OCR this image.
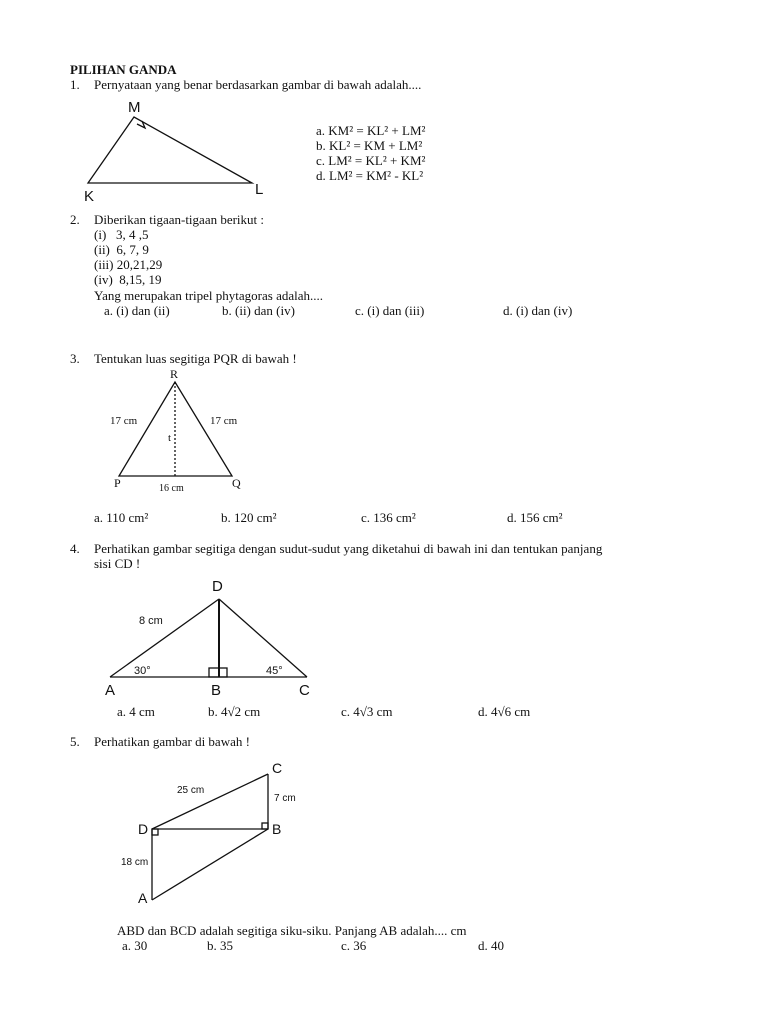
PILIHAN GANDA
1. Pernyataan yang benar berdasarkan gambar di bawah adalah....
M
K	L
a. KM² = KL² + LM²
b. KL² = KM + LM²
c. LM² = KL² + KM²
d. LM² = KM² - KL²
2. Diberikan tigaan-tigaan berikut :
(i)   3, 4 ,5
(ii)  6, 7, 9
(iii) 20,21,29
(iv)  8,15, 19
Yang merupakan tripel phytagoras adalah....
a. (i) dan (ii)	b. (ii) dan (iv)	c. (i) dan (iii)	d. (i) dan (iv)
3. Tentukan luas segitiga PQR di bawah !
R
P	Q
17 cm	17 cm
t
16 cm
a. 110 cm²	b. 120 cm²	c. 136 cm²	d. 156 cm²
4. Perhatikan gambar segitiga dengan sudut-sudut yang diketahui di bawah ini dan tentukan panjang
sisi CD !
D
A	B	C
8 cm
30°	45°
a. 4 cm	b. 4√2 cm	c. 4√3 cm	d. 4√6 cm
5. Perhatikan gambar di bawah !
C
D	B
A
25 cm
7 cm
18 cm
ABD dan BCD adalah segitiga siku-siku. Panjang AB adalah.... cm
a. 30	b. 35	c. 36	d. 40
